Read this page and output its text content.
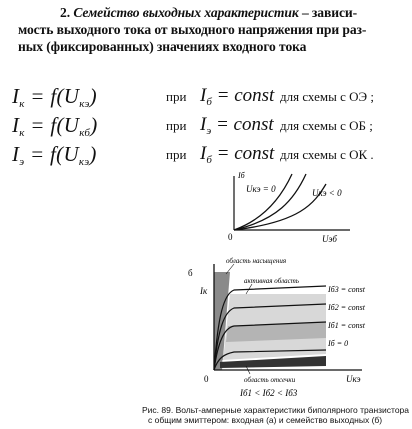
2. Семейство выходных характеристик – зависи-
мость выходного тока от выходного напряжения при раз-
ных (фиксированных) значениях входного тока
$I_к = f(U_{кэ})$	при $I_б$ = const для схемы с ОЭ ;
$I_к = f(U_{кб})$	при $I_э$ = const для схемы с ОБ ;
$I_э = f(U_{кэ})$	при $I_б$ = const для схемы с ОК .
Iб
Uкэ = 0	Uкэ < 0
0	Uэб
б
Iк
область насыщения
активная область
Iб3 = const
Iб2 = const
Iб1 = const
Iб = 0
0	область отсечки	Uкэ
Iб1 < Iб2 < Iб3
Рис. 89. Вольт-амперные характеристики биполярного транзистора
с общим эмиттером: входная (а) и семейство выходных (б)
